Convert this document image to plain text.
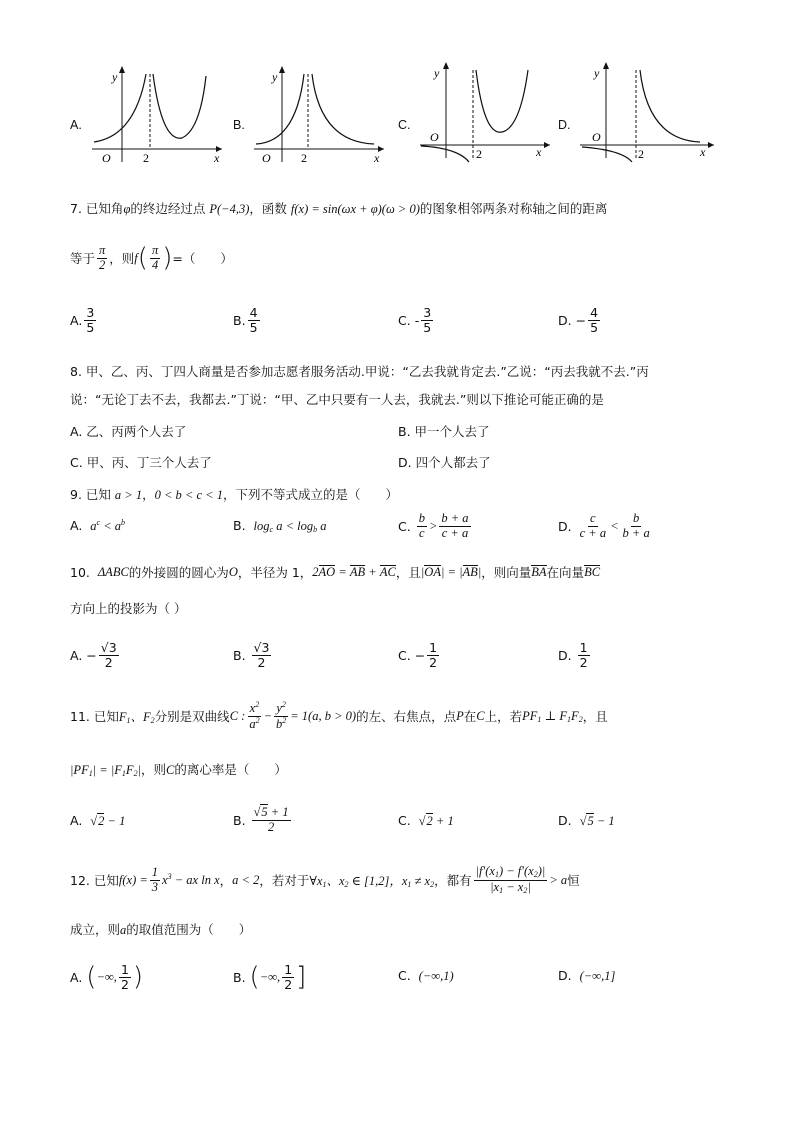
A.	B.	C.	D.
y
O	2	x
y
O	2	x
y
O
2	x
y
O
2	x
7. 已知角φ的终边经过点 P(−4,3)，函数 f(x) = sin(ωx + φ)(ω > 0)的图象相邻两条对称轴之间的距离
等于 $\frac{\pi}{2}$ ，则 f ( $\frac{\pi}{4}$ ) =（　　）
A. $\frac{3}{5}$	B. $\frac{4}{5}$	C.
- $\frac{3}{5}$	D.
− $\frac{4}{5}$
8. 甲、乙、丙、丁四人商量是否参加志愿者服务活动.甲说：“乙去我就肯定去.”乙说：“丙去我就不去.”丙
说：“无论丁去不去，我都去.”丁说：“甲、乙中只要有一人去，我就去.”则以下推论可能正确的是
A. 乙、丙两个人去了	B. 甲一个人去了
C. 甲、丙、丁三个人去了	D. 四个人都去了
9. 已知 a > 1，0 < b < c < 1，下列不等式成立的是（　　）
A. $a^c < a^b$	B. $\log_c a < \log_b a$	C.
$\frac{b}{c} > \frac{b + a}{c + a}$	D.
$\frac{c}{c + a} < \frac{b}{b + a}$
10.
ΔABC 的外接圆的圆心为 O ，半径为 1， 2AO = AB + AC ，且 |OA| = |AB| ，则向量 BA 在向量 BC
方向上的投影为（ ）
A.
− $\frac{√3}{2}$	B.
$\frac{√3}{2}$	C.
− $\frac{1}{2}$	D.
$\frac{1}{2}$
11.
已知 $F_1$、$F_2$ 分别是双曲线 C : $\frac{x^2}{a^2} - \frac{y^2}{b^2} = 1(a$, b > 0) 的左、右焦点，点 P 在 C 上，若 $PF_1$ ⊥ $F_1F_2$ ，且
$|PF_1| = |F_1F_2|$，则C的离心率是（　　）
A. √2 − 1	B.
$\frac{√5 + 1}{2}$	C. √2 + 1	D. √5 − 1
12.
已知 $f(x) = \frac{1}{3} x^3$ − ax ln x ， a < 2 ，若对于 $\forall x_1$、$x_2$ ∈ [1,2]，$x_1 \ne x_2$ ，都有 $\frac{|f'(x_1) - f'(x_2)|}{|x_1 - x_2|} > a$ 恒
成立，则a的取值范围为（　　）
A.
( −∞, $\frac{1}{2}$ )	B.
( −∞, $\frac{1}{2}$ ]	C. (−∞,1)	D. (−∞,1]
